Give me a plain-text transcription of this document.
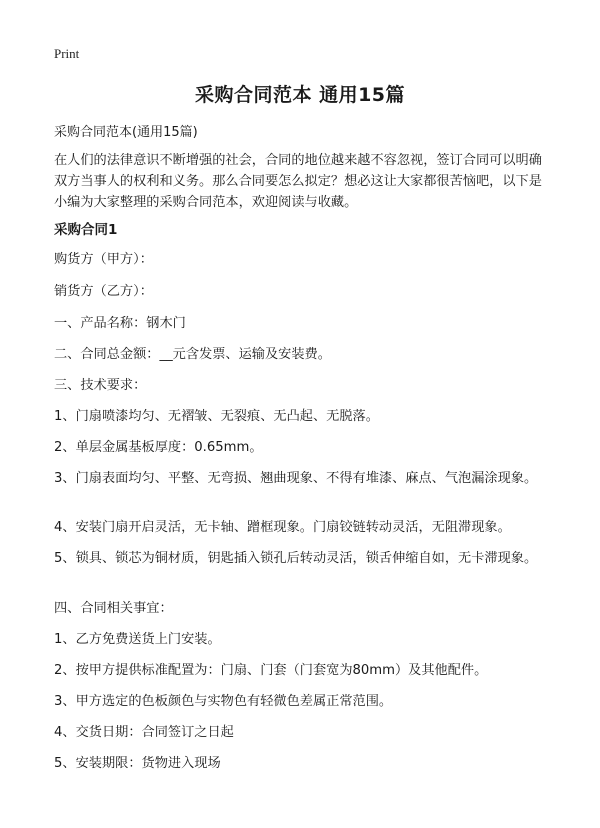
Print
采购合同范本 通用15篇
采购合同范本(通用15篇)
在人们的法律意识不断增强的社会，合同的地位越来越不容忽视，签订合同可以明确双方当事人的权利和义务。那么合同要怎么拟定？想必这让大家都很苦恼吧，以下是小编为大家整理的采购合同范本，欢迎阅读与收藏。
采购合同1
购货方（甲方）：
销货方（乙方）：
一、产品名称：钢木门
二、合同总金额：__元含发票、运输及安装费。
三、技术要求：
1、门扇喷漆均匀、无褶皱、无裂痕、无凸起、无脱落。
2、单层金属基板厚度：0.65mm。
3、门扇表面均匀、平整、无弯损、翘曲现象、不得有堆漆、麻点、气泡漏涂现象。
4、安装门扇开启灵活，无卡轴、蹭框现象。门扇铰链转动灵活，无阻滞现象。
5、锁具、锁芯为铜材质，钥匙插入锁孔后转动灵活，锁舌伸缩自如，无卡滞现象。
四、合同相关事宜：
1、乙方免费送货上门安装。
2、按甲方提供标准配置为：门扇、门套（门套宽为80mm）及其他配件。
3、甲方选定的色板颜色与实物色有轻微色差属正常范围。
4、交货日期：合同签订之日起
5、安装期限：货物进入现场
